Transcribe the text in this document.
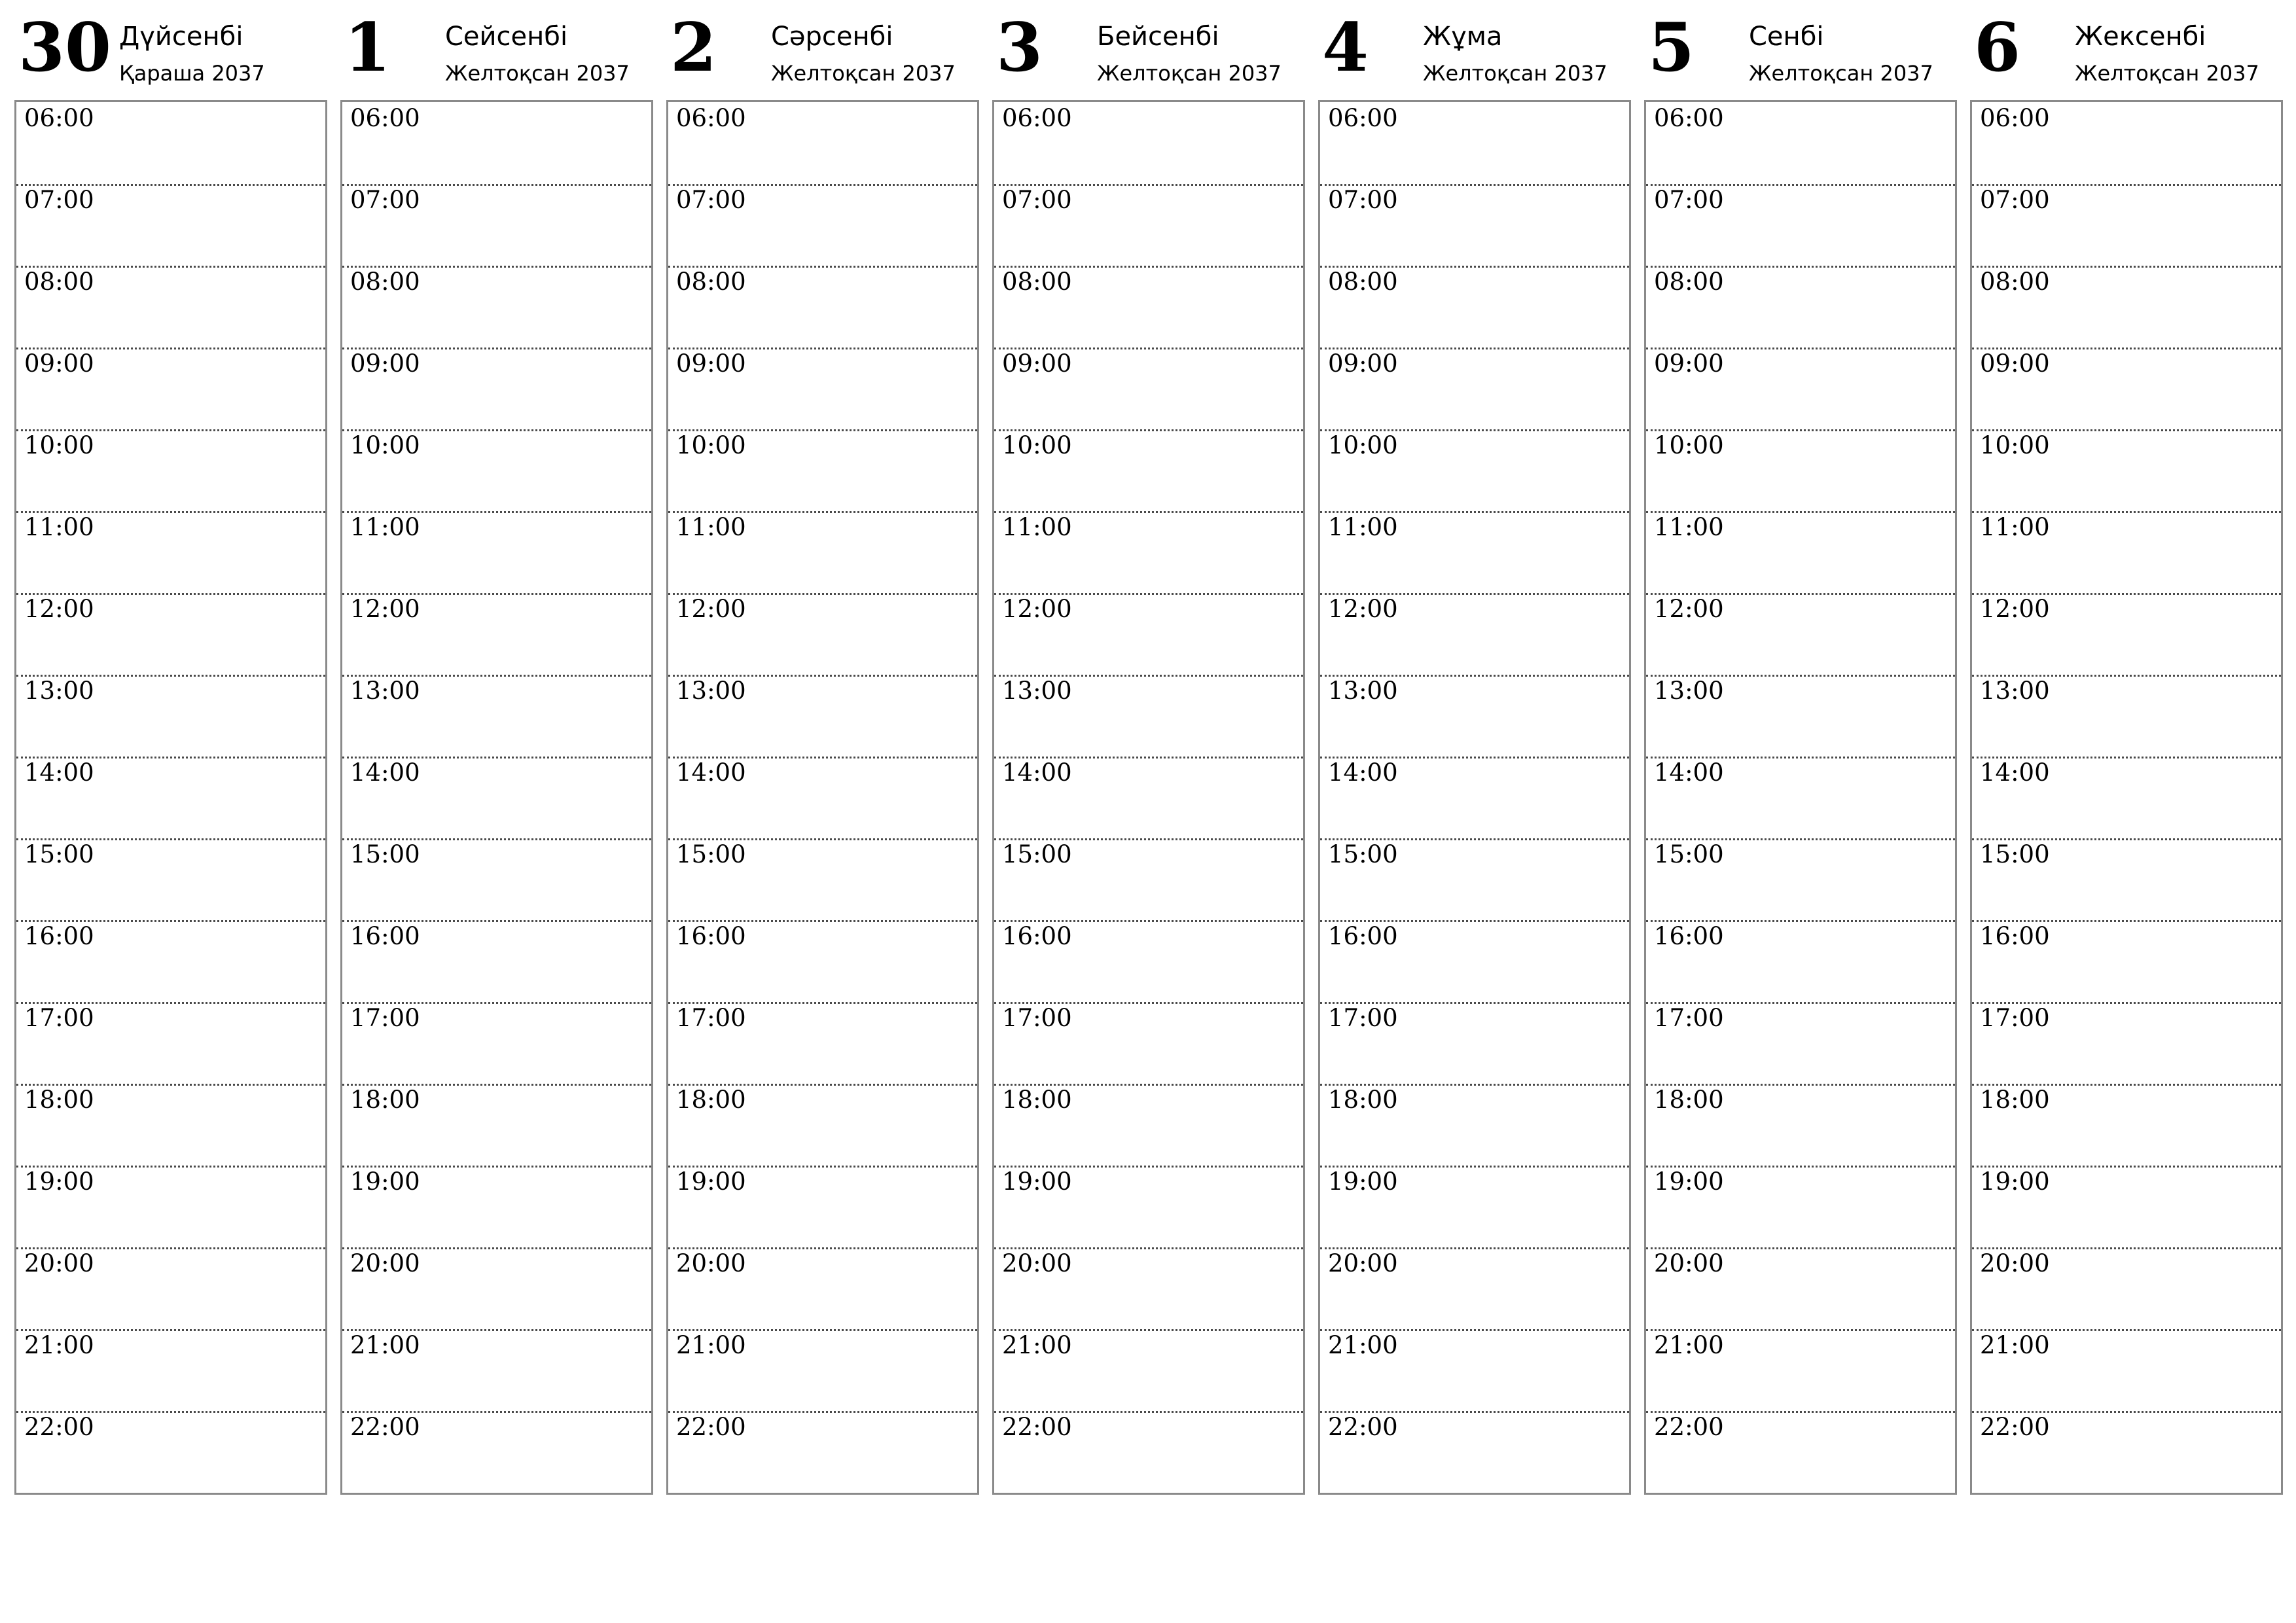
30 Дүйсенбі
Қараша 2037
06:00
07:00
08:00
09:00
10:00
11:00
12:00
13:00
14:00
15:00
16:00
17:00
18:00
19:00
20:00
21:00
22:00
1 Сейсенбі
Желтоқсан 2037
06:00
07:00
08:00
09:00
10:00
11:00
12:00
13:00
14:00
15:00
16:00
17:00
18:00
19:00
20:00
21:00
22:00
2 Сәрсенбі
Желтоқсан 2037
06:00
07:00
08:00
09:00
10:00
11:00
12:00
13:00
14:00
15:00
16:00
17:00
18:00
19:00
20:00
21:00
22:00
3 Бейсенбі
Желтоқсан 2037
06:00
07:00
08:00
09:00
10:00
11:00
12:00
13:00
14:00
15:00
16:00
17:00
18:00
19:00
20:00
21:00
22:00
4 Жұма
Желтоқсан 2037
06:00
07:00
08:00
09:00
10:00
11:00
12:00
13:00
14:00
15:00
16:00
17:00
18:00
19:00
20:00
21:00
22:00
5 Сенбі
Желтоқсан 2037
06:00
07:00
08:00
09:00
10:00
11:00
12:00
13:00
14:00
15:00
16:00
17:00
18:00
19:00
20:00
21:00
22:00
6 Жексенбі
Желтоқсан 2037
06:00
07:00
08:00
09:00
10:00
11:00
12:00
13:00
14:00
15:00
16:00
17:00
18:00
19:00
20:00
21:00
22:00
